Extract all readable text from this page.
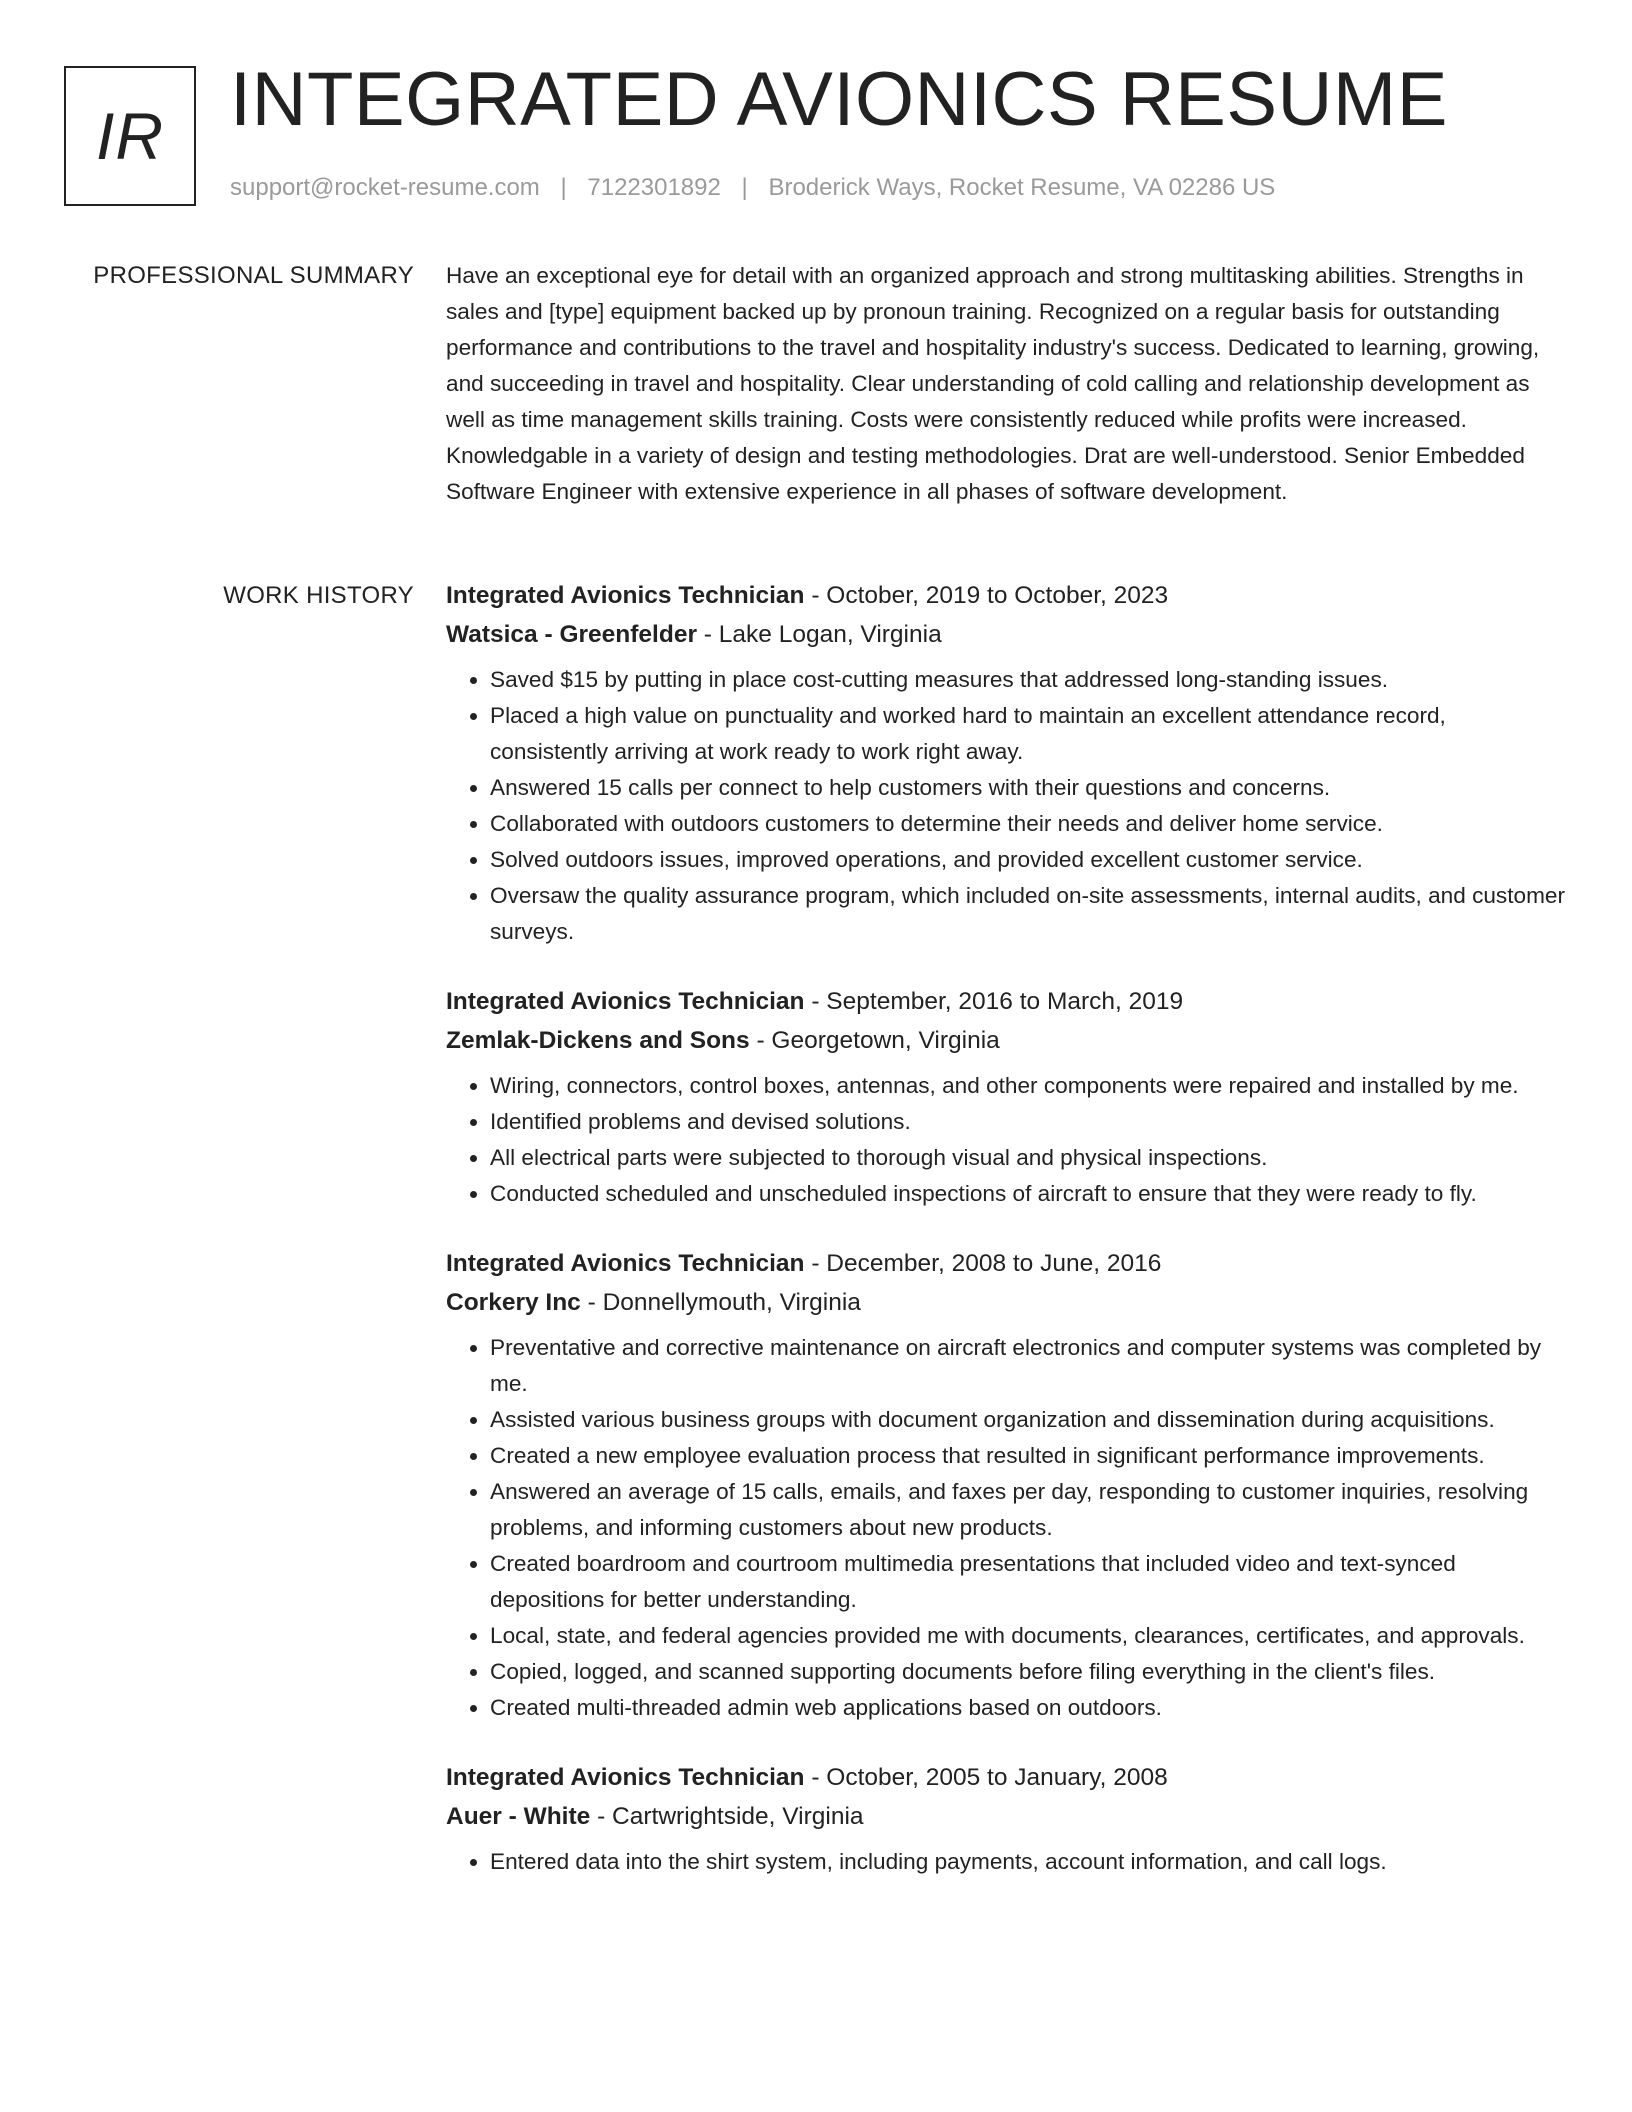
IR INTEGRATED AVIONICS RESUME
support@rocket-resume.com | 7122301892 | Broderick Ways, Rocket Resume, VA 02286 US
PROFESSIONAL SUMMARY Have an exceptional eye for detail with an organized approach and strong multitasking abilities. Strengths in sales and [type] equipment backed up by pronoun training. Recognized on a regular basis for outstanding performance and contributions to the travel and hospitality industry's success. Dedicated to learning, growing, and succeeding in travel and hospitality. Clear understanding of cold calling and relationship development as well as time management skills training. Costs were consistently reduced while profits were increased. Knowledgable in a variety of design and testing methodologies. Drat are well-understood. Senior Embedded Software Engineer with extensive experience in all phases of software development.

WORK HISTORY Integrated Avionics Technician - October, 2019 to October, 2023
Watsica - Greenfelder - Lake Logan, Virginia
• Saved $15 by putting in place cost-cutting measures that addressed long-standing issues.
• Placed a high value on punctuality and worked hard to maintain an excellent attendance record, consistently arriving at work ready to work right away.
• Answered 15 calls per connect to help customers with their questions and concerns.
• Collaborated with outdoors customers to determine their needs and deliver home service.
• Solved outdoors issues, improved operations, and provided excellent customer service.
• Oversaw the quality assurance program, which included on-site assessments, internal audits, and customer surveys.
Integrated Avionics Technician - September, 2016 to March, 2019
Zemlak-Dickens and Sons - Georgetown, Virginia
• Wiring, connectors, control boxes, antennas, and other components were repaired and installed by me.
• Identified problems and devised solutions.
• All electrical parts were subjected to thorough visual and physical inspections.
• Conducted scheduled and unscheduled inspections of aircraft to ensure that they were ready to fly.
Integrated Avionics Technician - December, 2008 to June, 2016
Corkery Inc - Donnellymouth, Virginia
• Preventative and corrective maintenance on aircraft electronics and computer systems was completed by me.
• Assisted various business groups with document organization and dissemination during acquisitions.
• Created a new employee evaluation process that resulted in significant performance improvements.
• Answered an average of 15 calls, emails, and faxes per day, responding to customer inquiries, resolving problems, and informing customers about new products.
• Created boardroom and courtroom multimedia presentations that included video and text-synced depositions for better understanding.
• Local, state, and federal agencies provided me with documents, clearances, certificates, and approvals.
• Copied, logged, and scanned supporting documents before filing everything in the client's files.
• Created multi-threaded admin web applications based on outdoors.
Integrated Avionics Technician - October, 2005 to January, 2008
Auer - White - Cartwrightside, Virginia
• Entered data into the shirt system, including payments, account information, and call logs.
